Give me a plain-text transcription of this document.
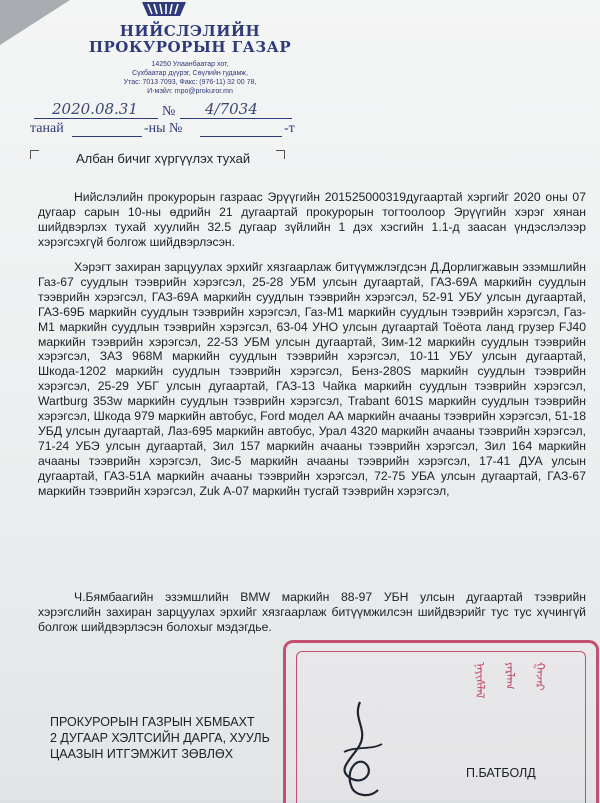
НИЙСЛЭЛИЙН
ПРОКУРОРЫН ГАЗАР
14250 Улаанбаатар хот,
Сүхбаатар дүүрэг, Сөүлийн гудамж,
Утас: 7013 7093, Факс: (976-11) 32 00 78,
И-мэйл: mpo@prokuror.mn
2020.08.31 № 4/7034
танай	-ны №	-т
Албан бичиг хүргүүлэх тухай

Нийслэлийн прокурорын газраас Эрүүгийн 201525000319дугаартай хэргийг 2020 оны 07 дугаар сарын 10-ны өдрийн 21 дугаартай прокурорын тогтоолоор Эрүүгийн хэрэг хянан шийдвэрлэх тухай хуулийн 32.5 дугаар зүйлийн 1 дэх хэсгийн 1.1-д заасан үндэслэлээр хэрэгсэхгүй болгож шийдвэрлэсэн.

Хэрэгт захиран зарцуулах эрхийг хязгаарлаж битүүмжлэгдсэн Д.Дорлигжавын эзэмшлийн Газ-67 суудлын тээврийн хэрэгсэл, 25-28 УБМ улсын дугаартай, ГАЗ-69А маркийн суудлын тээврийн хэрэгсэл, ГАЗ-69А маркийн суудлын тээврийн хэрэгсэл, 52-91 УБУ улсын дугаартай, ГАЗ-69Б маркийн суудлын тээврийн хэрэгсэл, Газ-М1 маркийн суудлын тээврийн хэрэгсэл, Газ-М1 маркийн суудлын тээврийн хэрэгсэл, 63-04 УНО улсын дугаартай Тоёота ланд грузер FJ40 маркийн тээврийн хэрэгсэл, 22-53 УБМ улсын дугаартай, Зим-12 маркийн суудлын тээврийн хэрэгсэл, ЗАЗ 968М маркийн суудлын тээврийн хэрэгсэл, 10-11 УБУ улсын дугаартай, Шкода-1202 маркийн суудлын тээврийн хэрэгсэл, Бенз-280S маркийн суудлын тээврийн хэрэгсэл, 25-29 УБГ улсын дугаартай, ГАЗ-13 Чайка маркийн суудлын тээврийн хэрэгсэл, Wartburg 353w маркийн суудлын тээврийн хэрэгсэл, Trabant 601S маркийн суудлын тээврийн хэрэгсэл, Шкода 979 маркийн автобус, Ford модел АА маркийн ачааны тээврийн хэрэгсэл, 51-18 УБД улсын дугаартай, Лаз-695 маркийн автобус, Урал 4320 маркийн ачааны тээврийн хэрэгсэл, 71-24 УБЭ улсын дугаартай, Зил 157 маркийн ачааны тээврийн хэрэгсэл, Зил 164 маркийн ачааны тээврийн хэрэгсэл, Зис-5 маркийн ачааны тээврийн хэрэгсэл, 17-41 ДУА улсын дугаартай, ГАЗ-51А маркийн ачааны тээврийн хэрэгсэл, 72-75 УБА улсын дугаартай, ГАЗ-67 маркийн тээврийн хэрэгсэл, Zuk А-07 маркийн тусгай тээврийн хэрэгсэл,

Ч.Бямбаагийн эзэмшлийн BMW маркийн 88-97 УБН улсын дугаартай тээврийн хэрэгслийн захиран зарцуулах эрхийг хязгаарлаж битүүмжилсэн шийдвэрийг тус тус хүчингүй болгож шийдвэрлэсэн болохыг мэдэгдье.

ᠨᠡᠶᠢᠰᠯᠡᠯ	ᠶᠠᠷᠯᠠᠭ	ᠭᠠᠵᠠᠷ
ПРОКУРОРЫН ГАЗРЫН ХБМБАХТ
2 ДУГААР ХЭЛТСИЙН ДАРГА, ХУУЛЬ
ЦААЗЫН ИТГЭМЖИТ ЗӨВЛӨХ
П.БАТБОЛД
